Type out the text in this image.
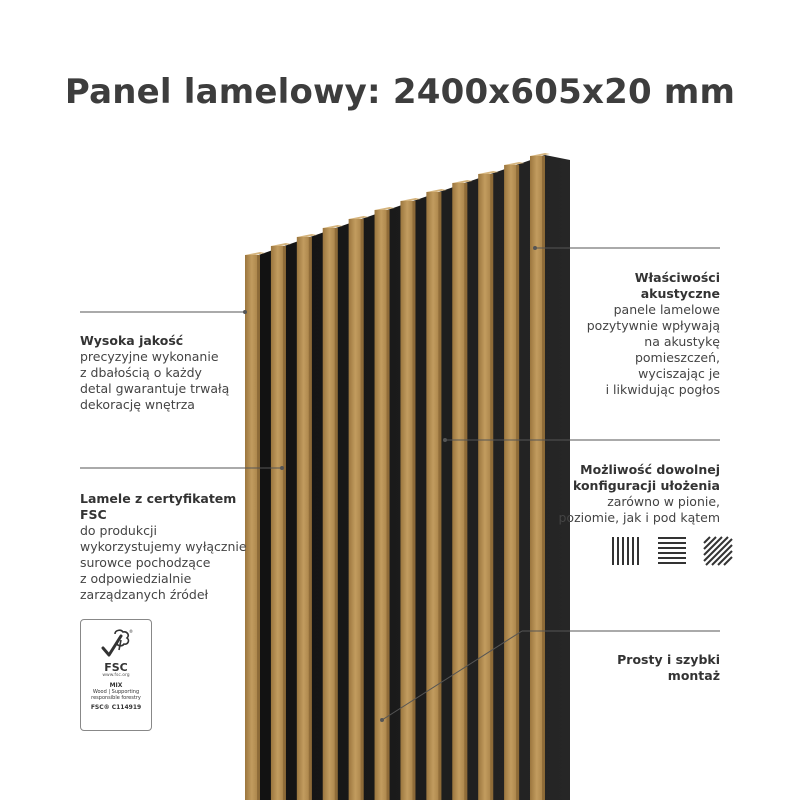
Panel lamelowy: 2400x605x20 mm
Wysoka jakość
precyzyjne wykonanie
z dbałością o każdy
detal gwarantuje trwałą
dekorację wnętrza
Lamele z certyfikatem
FSC
do produkcji
wykorzystujemy wyłącznie
surowce pochodzące
z odpowiedzialnie
zarządzanych źródeł
®
FSC
www.fsc.org
MIX
Wood | Supporting
responsible forestry
FSC® C114919
Właściwości
akustyczne
panele lamelowe
pozytywnie wpływają
na akustykę
pomieszczeń,
wyciszając je
i likwidując pogłos
Możliwość dowolnej
konfiguracji ułożenia
zarówno w pionie,
poziomie, jak i pod kątem
Prosty i szybki
montaż
